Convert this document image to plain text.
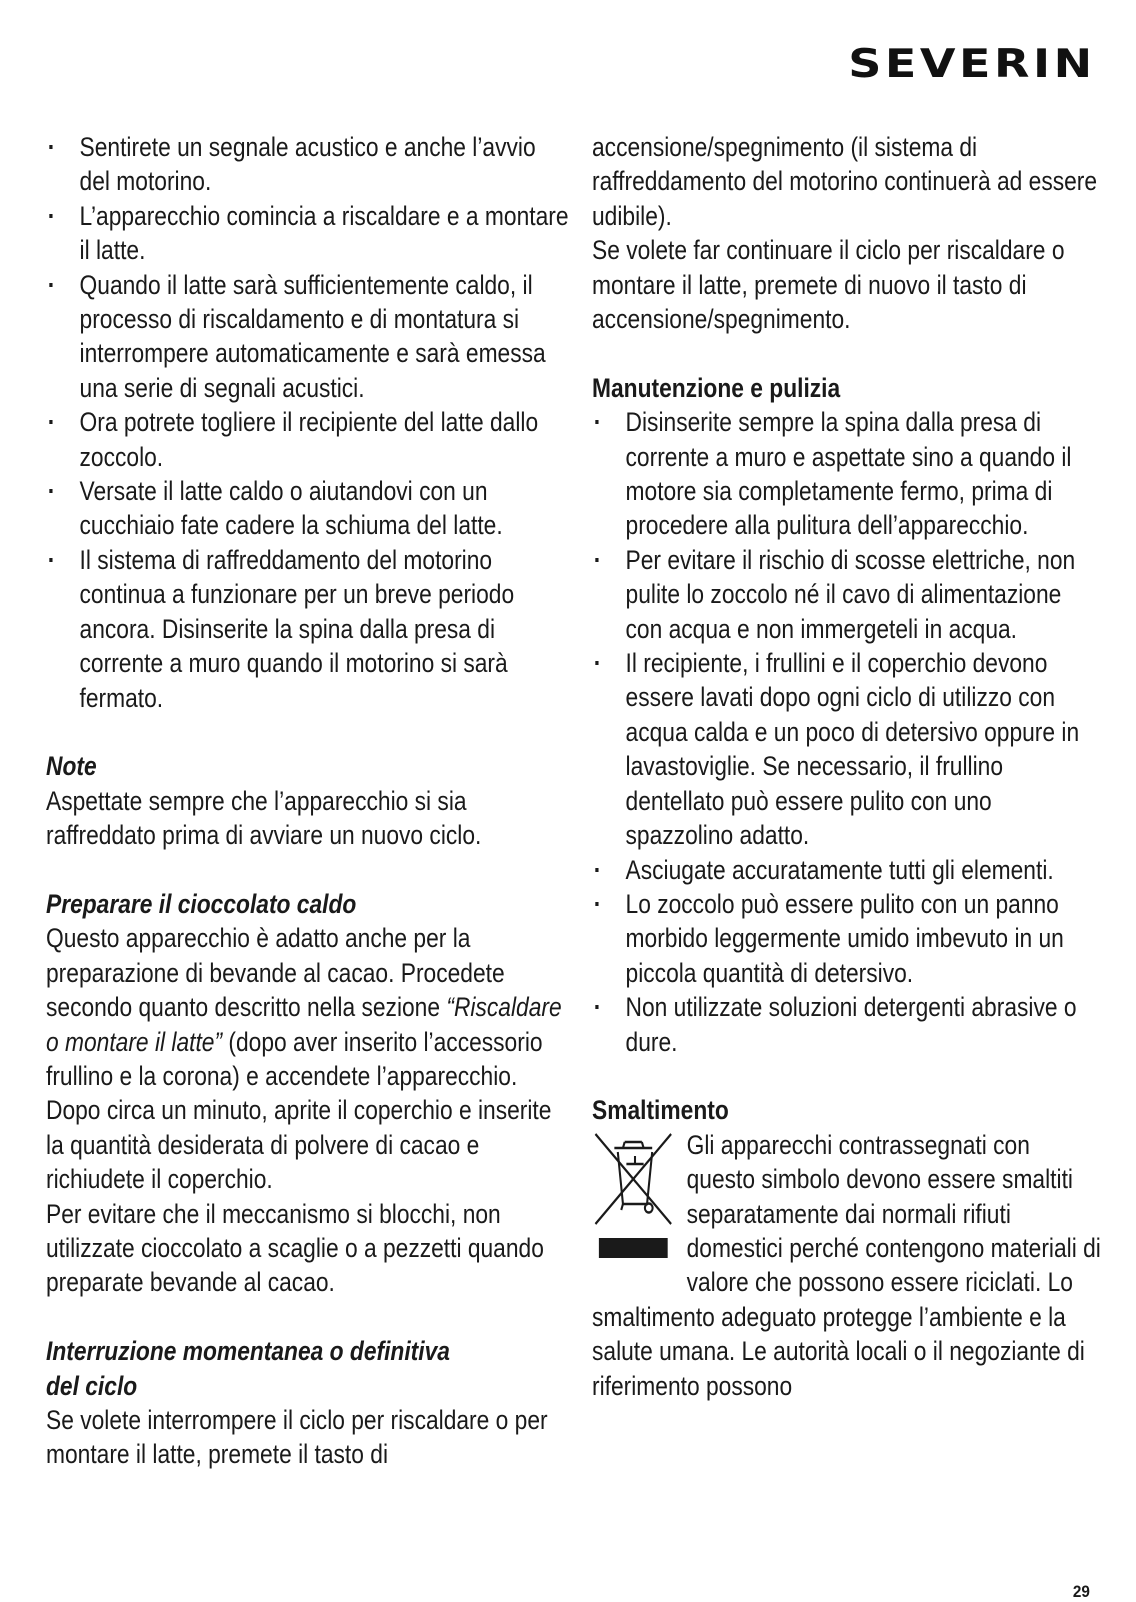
SEVERIN
· Sentirete un segnale acustico e anche l’avvio del motorino.
· L’apparecchio comincia a riscaldare e a montare il latte.
· Quando il latte sarà sufficientemente caldo, il processo di riscaldamento e di montatura si interrompere automaticamente e sarà emessa una serie di segnali acustici.
· Ora potrete togliere il recipiente del latte dallo zoccolo.
· Versate il latte caldo o aiutandovi con un cucchiaio fate cadere la schiuma del latte.
· Il sistema di raffreddamento del motorino continua a funzionare per un breve periodo ancora. Disinserite la spina dalla presa di corrente a muro quando il motorino si sarà fermato.
Note

Aspettate sempre che l’apparecchio si sia raffreddato prima di avviare un nuovo ciclo.

Preparare il cioccolato caldo

Questo apparecchio è adatto anche per la preparazione di bevande al cacao. Procedete secondo quanto descritto nella sezione “Riscaldare o montare il latte” (dopo aver inserito l’accessorio frullino e la corona) e accendete l’apparecchio. Dopo circa un minuto, aprite il coperchio e inserite la quantità desiderata di polvere di cacao e richiudete il coperchio.

Per evitare che il meccanismo si blocchi, non utilizzate cioccolato a scaglie o a pezzetti quando preparate bevande al cacao.

Interruzione momentanea o definitiva
del ciclo

Se volete interrompere il ciclo per riscaldare o per montare il latte, premete il tasto di

accensione/spegnimento (il sistema di raffreddamento del motorino continuerà ad essere udibile).

Se volete far continuare il ciclo per riscaldare o montare il latte, premete di nuovo il tasto di accensione/spegnimento.

Manutenzione e pulizia
· Disinserite sempre la spina dalla presa di corrente a muro e aspettate sino a quando il motore sia completamente fermo, prima di procedere alla pulitura dell’apparecchio.
· Per evitare il rischio di scosse elettriche, non pulite lo zoccolo né il cavo di alimentazione con acqua e non immergeteli in acqua.
· Il recipiente, i frullini e il coperchio devono essere lavati dopo ogni ciclo di utilizzo con acqua calda e un poco di detersivo oppure in lavastoviglie. Se necessario, il frullino dentellato può essere pulito con uno spazzolino adatto.
· Asciugate accuratamente tutti gli elementi.
· Lo zoccolo può essere pulito con un panno morbido leggermente umido imbevuto in un piccola quantità di detersivo.
· Non utilizzate soluzioni detergenti abrasive o dure.
Smaltimento

Gli apparecchi contrassegnati con questo simbolo devono essere smaltiti separatamente dai normali rifiuti domestici perché contengono materiali di valore che possono essere riciclati. Lo smaltimento adeguato protegge l’ambiente e la salute umana. Le autorità locali o il negoziante di riferimento possono

29
